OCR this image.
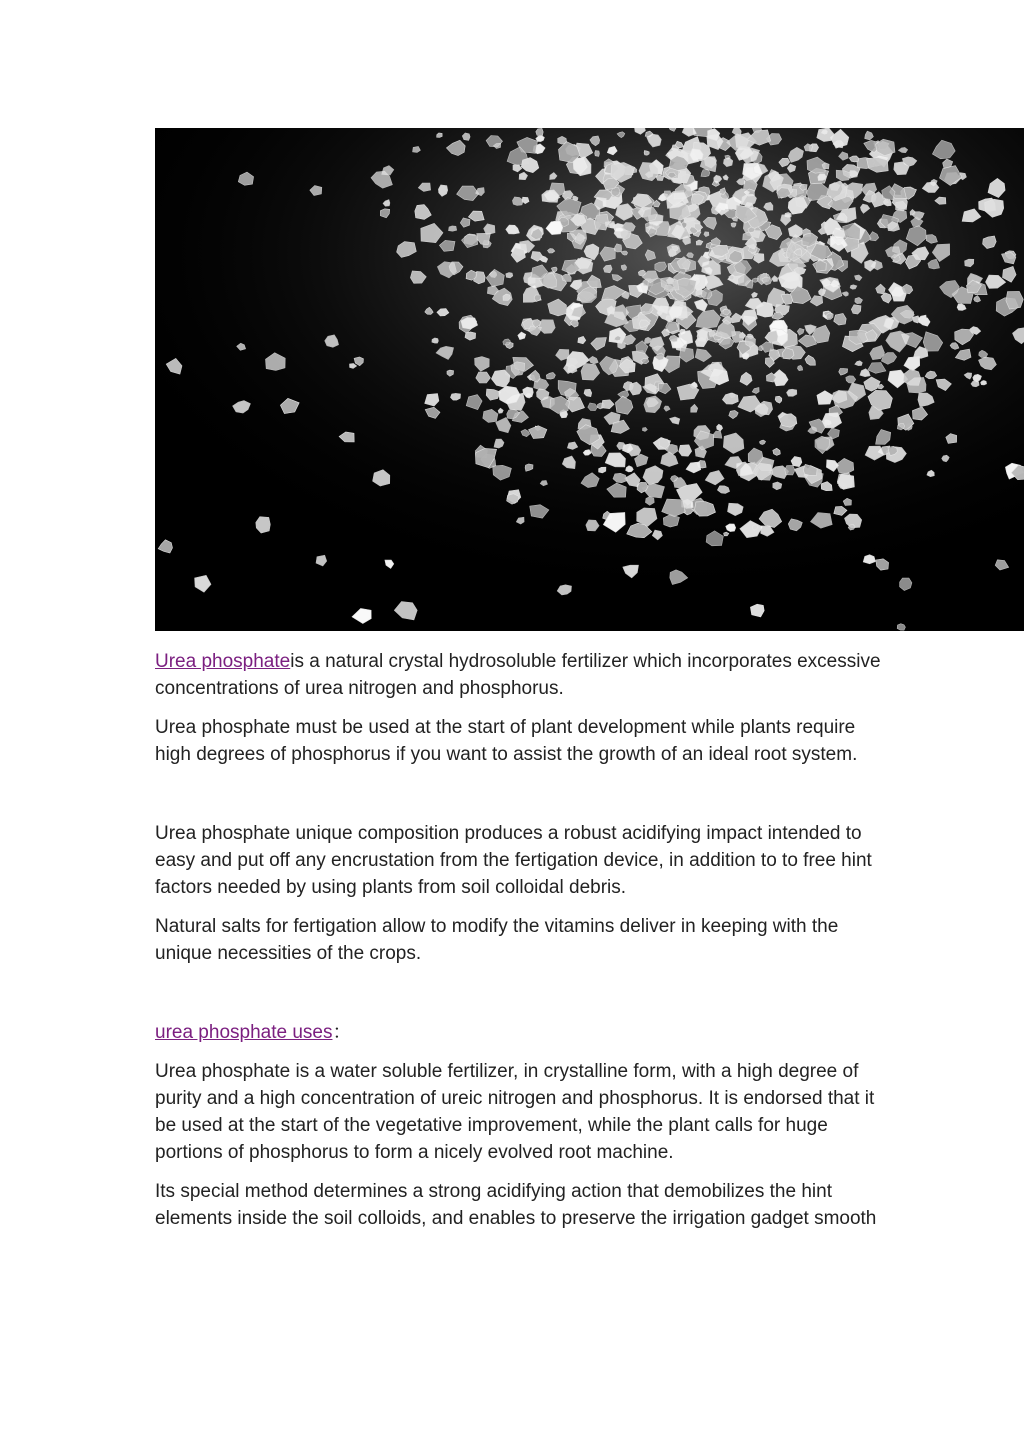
Urea phosphateis a natural crystal hydrosoluble fertilizer which incorporates excessive concentrations of urea nitrogen and phosphorus.

Urea phosphate must be used at the start of plant development while plants require high degrees of phosphorus if you want to assist the growth of an ideal root system.

Urea phosphate unique composition produces a robust acidifying impact intended to easy and put off any encrustation from the fertigation device, in addition to to free hint factors needed by using plants from soil colloidal debris.

Natural salts for fertigation allow to modify the vitamins deliver in keeping with the unique necessities of the crops.

urea phosphate uses：

Urea phosphate is a water soluble fertilizer, in crystalline form, with a high degree of purity and a high concentration of ureic nitrogen and phosphorus. It is endorsed that it be used at the start of the vegetative improvement, while the plant calls for huge portions of phosphorus to form a nicely evolved root machine.

Its special method determines a strong acidifying action that demobilizes the hint elements inside the soil colloids, and enables to preserve the irrigation gadget smooth
